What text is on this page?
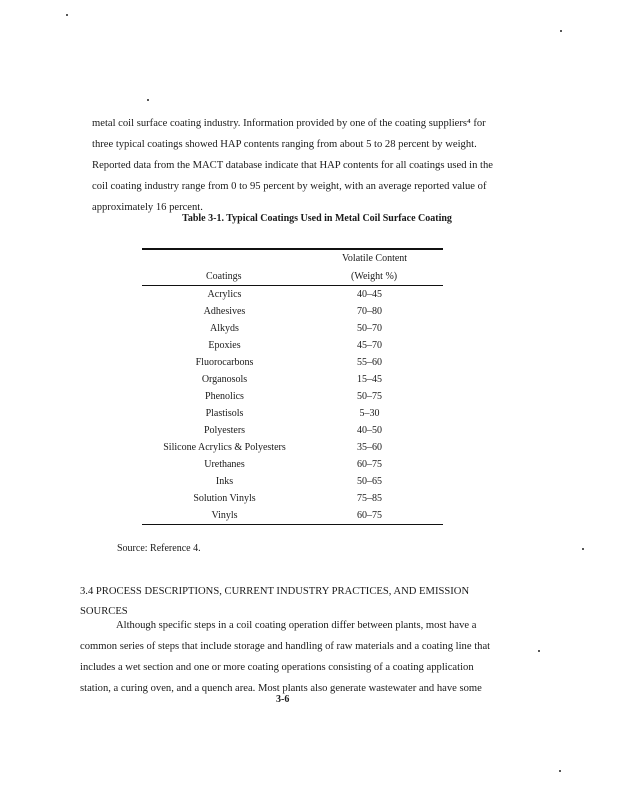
metal coil surface coating industry. Information provided by one of the coating suppliers⁴ for
three typical coatings showed HAP contents ranging from about 5 to 28 percent by weight.
Reported data from the MACT database indicate that HAP contents for all coatings used in the
coil coating industry range from 0 to 95 percent by weight, with an average reported value of
approximately 16 percent.
Table 3-1. Typical Coatings Used in Metal Coil Surface Coating
Volatile Content
Coatings	(Weight %)
Acrylics	40–45
Adhesives	70–80
Alkyds	50–70
Epoxies	45–70
Fluorocarbons	55–60
Organosols	15–45
Phenolics	50–75
Plastisols	5–30
Polyesters	40–50
Silicone Acrylics & Polyesters	35–60
Urethanes	60–75
Inks	50–65
Solution Vinyls	75–85
Vinyls	60–75
Source: Reference 4.
3.4 PROCESS DESCRIPTIONS, CURRENT INDUSTRY PRACTICES, AND EMISSION
SOURCES
Although specific steps in a coil coating operation differ between plants, most have a
common series of steps that include storage and handling of raw materials and a coating line that
includes a wet section and one or more coating operations consisting of a coating application
station, a curing oven, and a quench area. Most plants also generate wastewater and have some
3-6
